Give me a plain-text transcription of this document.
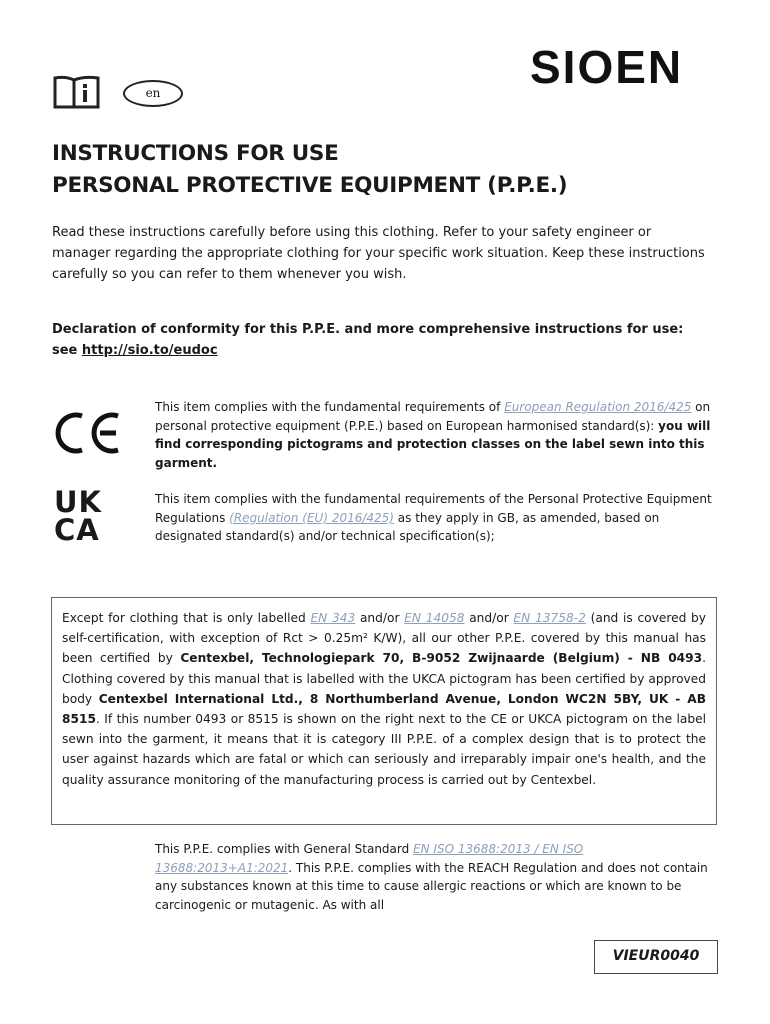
SIOEN
en
INSTRUCTIONS FOR USE
PERSONAL PROTECTIVE EQUIPMENT (P.P.E.)
Read these instructions carefully before using this clothing. Refer to your safety engineer or manager regarding the appropriate clothing for your specific work situation. Keep these instructions carefully so you can refer to them whenever you wish.
Declaration of conformity for this P.P.E. and more comprehensive instructions for use: see http://sio.to/eudoc
This item complies with the fundamental requirements of European Regulation 2016/425 on personal protective equipment (P.P.E.) based on European harmonised standard(s): you will find corresponding pictograms and protection classes on the label sewn into this garment.
UK
CA
This item complies with the fundamental requirements of the Personal Protective Equipment Regulations (Regulation (EU) 2016/425) as they apply in GB, as amended, based on designated standard(s) and/or technical specification(s);
Except for clothing that is only labelled EN 343 and/or EN 14058 and/or EN 13758-2 (and is covered by self-certification, with exception of Rct > 0.25m² K/W), all our other P.P.E. covered by this manual has been certified by Centexbel, Technologiepark 70, B-9052 Zwijnaarde (Belgium) - NB 0493. Clothing covered by this manual that is labelled with the UKCA pictogram has been certified by approved body Centexbel International Ltd., 8 Northumberland Avenue, London WC2N 5BY, UK - AB 8515. If this number 0493 or 8515 is shown on the right next to the CE or UKCA pictogram on the label sewn into the garment, it means that it is category III P.P.E. of a complex design that is to protect the user against hazards which are fatal or which can seriously and irreparably impair one's health, and the quality assurance monitoring of the manufacturing process is carried out by Centexbel.
This P.P.E. complies with General Standard EN ISO 13688:2013 / EN ISO 13688:2013+A1:2021. This P.P.E. complies with the REACH Regulation and does not contain any substances known at this time to cause allergic reactions or which are known to be carcinogenic or mutagenic. As with all
VIEUR0040
